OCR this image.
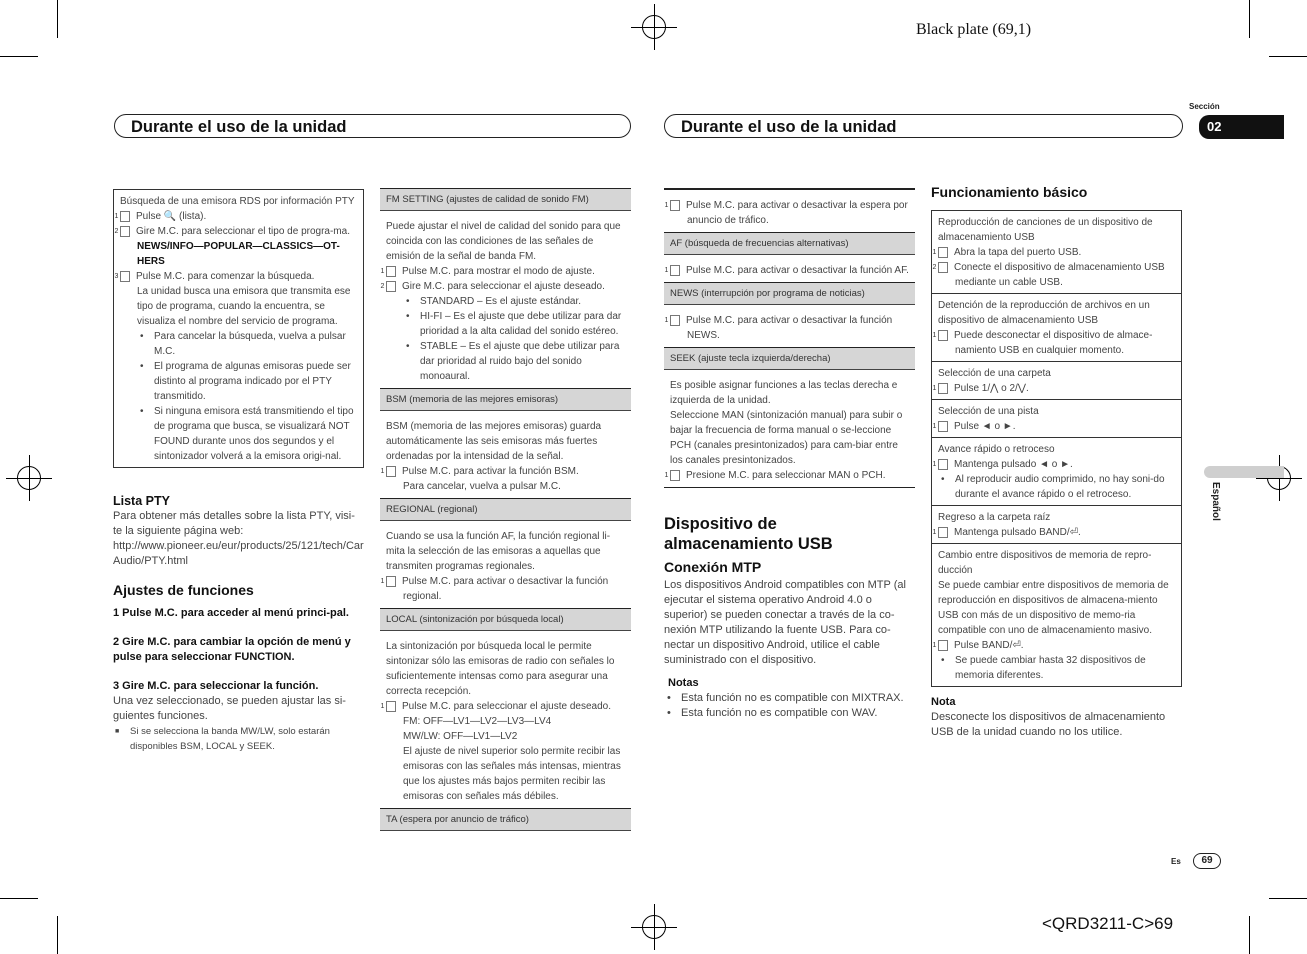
Black plate (69,1)
<QRD3211-C>69
Durante el uso de la unidad	Durante el uso de la unidad
Sección
02
Español
Es	69

Búsqueda de una emisora RDS por información PTY

1 Pulse 🔍 (lista).

2 Gire M.C. para seleccionar el tipo de progra-ma.

NEWS/INFO—POPULAR—CLASSICS—OT-HERS

3 Pulse M.C. para comenzar la búsqueda.

La unidad busca una emisora que transmita ese tipo de programa, cuando la encuentra, se visualiza el nombre del servicio de programa.

• Para cancelar la búsqueda, vuelva a pulsar M.C.

• El programa de algunas emisoras puede ser distinto al programa indicado por el PTY transmitido.

• Si ninguna emisora está transmitiendo el tipo de programa que busca, se visualizará NOT FOUND durante unos dos segundos y el sintonizador volverá a la emisora origi-nal.

Lista PTY

Para obtener más detalles sobre la lista PTY, visi-te la siguiente página web:

http://www.pioneer.eu/eur/products/25/121/tech/CarAudio/PTY.html

Ajustes de funciones

1 Pulse M.C. para acceder al menú princi-pal.

2 Gire M.C. para cambiar la opción de menú y pulse para seleccionar FUNCTION.

3 Gire M.C. para seleccionar la función.

Una vez seleccionado, se pueden ajustar las si-guientes funciones.

■ Si se selecciona la banda MW/LW, solo estarán disponibles BSM, LOCAL y SEEK.

FM SETTING (ajustes de calidad de sonido FM)

Puede ajustar el nivel de calidad del sonido para que coincida con las condiciones de las señales de emisión de la señal de banda FM.

1 Pulse M.C. para mostrar el modo de ajuste.

2 Gire M.C. para seleccionar el ajuste deseado.

• STANDARD – Es el ajuste estándar.

• HI-FI – Es el ajuste que debe utilizar para dar prioridad a la alta calidad del sonido estéreo.

• STABLE – Es el ajuste que debe utilizar para dar prioridad al ruido bajo del sonido monoaural.

BSM (memoria de las mejores emisoras)

BSM (memoria de las mejores emisoras) guarda automáticamente las seis emisoras más fuertes ordenadas por la intensidad de la señal.

1 Pulse M.C. para activar la función BSM.

Para cancelar, vuelva a pulsar M.C.

REGIONAL (regional)

Cuando se usa la función AF, la función regional li-mita la selección de las emisoras a aquellas que transmiten programas regionales.

1 Pulse M.C. para activar o desactivar la función regional.

LOCAL (sintonización por búsqueda local)

La sintonización por búsqueda local le permite sintonizar sólo las emisoras de radio con señales lo suficientemente intensas como para asegurar una correcta recepción.

1 Pulse M.C. para seleccionar el ajuste deseado.

FM: OFF—LV1—LV2—LV3—LV4

MW/LW: OFF—LV1—LV2

El ajuste de nivel superior solo permite recibir las emisoras con las señales más intensas, mientras que los ajustes más bajos permiten recibir las emisoras con señales más débiles.

TA (espera por anuncio de tráfico)

1 Pulse M.C. para activar o desactivar la espera por anuncio de tráfico.

AF (búsqueda de frecuencias alternativas)

1 Pulse M.C. para activar o desactivar la función AF.

NEWS (interrupción por programa de noticias)

1 Pulse M.C. para activar o desactivar la función NEWS.

SEEK (ajuste tecla izquierda/derecha)

Es posible asignar funciones a las teclas derecha e izquierda de la unidad.

Seleccione MAN (sintonización manual) para subir o bajar la frecuencia de forma manual o se-leccione PCH (canales presintonizados) para cam-biar entre los canales presintonizados.

1 Presione M.C. para seleccionar MAN o PCH.

Dispositivo de almacenamiento USB

Conexión MTP

Los dispositivos Android compatibles con MTP (al ejecutar el sistema operativo Android 4.0 o superior) se pueden conectar a través de la co-nexión MTP utilizando la fuente USB. Para co-nectar un dispositivo Android, utilice el cable suministrado con el dispositivo.

Notas

• Esta función no es compatible con MIXTRAX.

• Esta función no es compatible con WAV.

Funcionamiento básico

Reproducción de canciones de un dispositivo de almacenamiento USB

1 Abra la tapa del puerto USB.

2 Conecte el dispositivo de almacenamiento USB mediante un cable USB.

Detención de la reproducción de archivos en un dispositivo de almacenamiento USB

1 Puede desconectar el dispositivo de almace-namiento USB en cualquier momento.

Selección de una carpeta

1 Pulse 1/⋀ o 2/⋁.

Selección de una pista

1 Pulse ◄ o ►.

Avance rápido o retroceso

1 Mantenga pulsado ◄ o ►.

• Al reproducir audio comprimido, no hay soni-do durante el avance rápido o el retroceso.

Regreso a la carpeta raíz

1 Mantenga pulsado BAND/⏎.

Cambio entre dispositivos de memoria de repro-ducción

Se puede cambiar entre dispositivos de memoria de reproducción en dispositivos de almacena-miento USB con más de un dispositivo de memo-ria compatible con uno de almacenamiento masivo.

1 Pulse BAND/⏎.

• Se puede cambiar hasta 32 dispositivos de memoria diferentes.

Nota

Desconecte los dispositivos de almacenamiento USB de la unidad cuando no los utilice.
